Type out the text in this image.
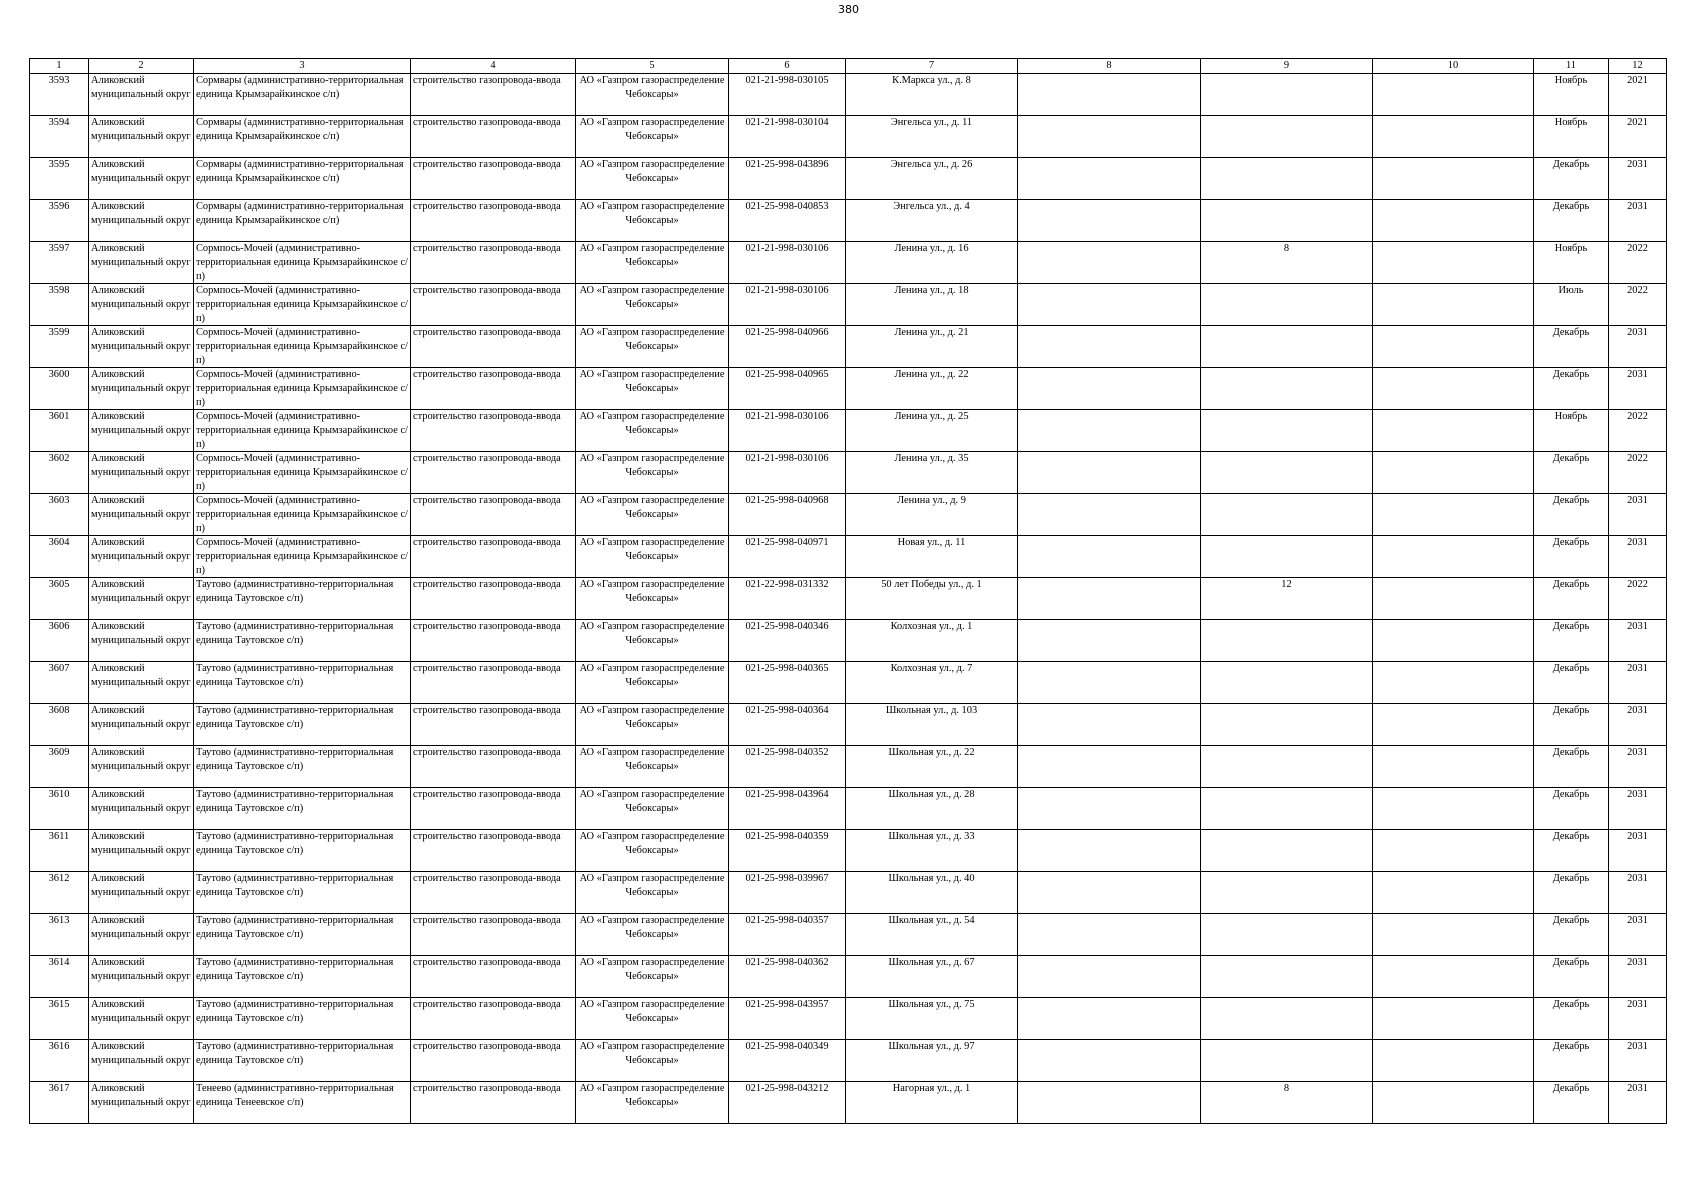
380
1	2	3	4	5	6	7	8	9	10	11	12

3593	Аликовский муниципальный округ	Сормвары (административно-территориальная единица Крымзарайкинское с/п)	строительство газопровода-ввода	АО «Газпром газораспределение Чебоксары»	021-21-998-030105	К.Маркса ул., д. 8				Ноябрь	2021

3594	Аликовский муниципальный округ	Сормвары (административно-территориальная единица Крымзарайкинское с/п)	строительство газопровода-ввода	АО «Газпром газораспределение Чебоксары»	021-21-998-030104	Энгельса ул., д. 11				Ноябрь	2021

3595	Аликовский муниципальный округ	Сормвары (административно-территориальная единица Крымзарайкинское с/п)	строительство газопровода-ввода	АО «Газпром газораспределение Чебоксары»	021-25-998-043896	Энгельса ул., д. 26				Декабрь	2031

3596	Аликовский муниципальный округ	Сормвары (административно-территориальная единица Крымзарайкинское с/п)	строительство газопровода-ввода	АО «Газпром газораспределение Чебоксары»	021-25-998-040853	Энгельса ул., д. 4				Декабрь	2031

3597	Аликовский муниципальный округ	Сормпось-Мочей (административно-территориальная единица Крымзарайкинское с/п)	строительство газопровода-ввода	АО «Газпром газораспределение Чебоксары»	021-21-998-030106	Ленина ул., д. 16		8		Ноябрь	2022

3598	Аликовский муниципальный округ	Сормпось-Мочей (административно-территориальная единица Крымзарайкинское с/п)	строительство газопровода-ввода	АО «Газпром газораспределение Чебоксары»	021-21-998-030106	Ленина ул., д. 18				Июль	2022

3599	Аликовский муниципальный округ	Сормпось-Мочей (административно-территориальная единица Крымзарайкинское с/п)	строительство газопровода-ввода	АО «Газпром газораспределение Чебоксары»	021-25-998-040966	Ленина ул., д. 21				Декабрь	2031

3600	Аликовский муниципальный округ	Сормпось-Мочей (административно-территориальная единица Крымзарайкинское с/п)	строительство газопровода-ввода	АО «Газпром газораспределение Чебоксары»	021-25-998-040965	Ленина ул., д. 22				Декабрь	2031

3601	Аликовский муниципальный округ	Сормпось-Мочей (административно-территориальная единица Крымзарайкинское с/п)	строительство газопровода-ввода	АО «Газпром газораспределение Чебоксары»	021-21-998-030106	Ленина ул., д. 25				Ноябрь	2022

3602	Аликовский муниципальный округ	Сормпось-Мочей (административно-территориальная единица Крымзарайкинское с/п)	строительство газопровода-ввода	АО «Газпром газораспределение Чебоксары»	021-21-998-030106	Ленина ул., д. 35				Декабрь	2022

3603	Аликовский муниципальный округ	Сормпось-Мочей (административно-территориальная единица Крымзарайкинское с/п)	строительство газопровода-ввода	АО «Газпром газораспределение Чебоксары»	021-25-998-040968	Ленина ул., д. 9				Декабрь	2031

3604	Аликовский муниципальный округ	Сормпось-Мочей (административно-территориальная единица Крымзарайкинское с/п)	строительство газопровода-ввода	АО «Газпром газораспределение Чебоксары»	021-25-998-040971	Новая ул., д. 11				Декабрь	2031

3605	Аликовский муниципальный округ	Таутово (административно-территориальная единица Таутовское с/п)	строительство газопровода-ввода	АО «Газпром газораспределение Чебоксары»	021-22-998-031332	50 лет Победы ул., д. 1		12		Декабрь	2022

3606	Аликовский муниципальный округ	Таутово (административно-территориальная единица Таутовское с/п)	строительство газопровода-ввода	АО «Газпром газораспределение Чебоксары»	021-25-998-040346	Колхозная ул., д. 1				Декабрь	2031

3607	Аликовский муниципальный округ	Таутово (административно-территориальная единица Таутовское с/п)	строительство газопровода-ввода	АО «Газпром газораспределение Чебоксары»	021-25-998-040365	Колхозная ул., д. 7				Декабрь	2031

3608	Аликовский муниципальный округ	Таутово (административно-территориальная единица Таутовское с/п)	строительство газопровода-ввода	АО «Газпром газораспределение Чебоксары»	021-25-998-040364	Школьная ул., д. 103				Декабрь	2031

3609	Аликовский муниципальный округ	Таутово (административно-территориальная единица Таутовское с/п)	строительство газопровода-ввода	АО «Газпром газораспределение Чебоксары»	021-25-998-040352	Школьная ул., д. 22				Декабрь	2031

3610	Аликовский муниципальный округ	Таутово (административно-территориальная единица Таутовское с/п)	строительство газопровода-ввода	АО «Газпром газораспределение Чебоксары»	021-25-998-043964	Школьная ул., д. 28				Декабрь	2031

3611	Аликовский муниципальный округ	Таутово (административно-территориальная единица Таутовское с/п)	строительство газопровода-ввода	АО «Газпром газораспределение Чебоксары»	021-25-998-040359	Школьная ул., д. 33				Декабрь	2031

3612	Аликовский муниципальный округ	Таутово (административно-территориальная единица Таутовское с/п)	строительство газопровода-ввода	АО «Газпром газораспределение Чебоксары»	021-25-998-039967	Школьная ул., д. 40				Декабрь	2031

3613	Аликовский муниципальный округ	Таутово (административно-территориальная единица Таутовское с/п)	строительство газопровода-ввода	АО «Газпром газораспределение Чебоксары»	021-25-998-040357	Школьная ул., д. 54				Декабрь	2031

3614	Аликовский муниципальный округ	Таутово (административно-территориальная единица Таутовское с/п)	строительство газопровода-ввода	АО «Газпром газораспределение Чебоксары»	021-25-998-040362	Школьная ул., д. 67				Декабрь	2031

3615	Аликовский муниципальный округ	Таутово (административно-территориальная единица Таутовское с/п)	строительство газопровода-ввода	АО «Газпром газораспределение Чебоксары»	021-25-998-043957	Школьная ул., д. 75				Декабрь	2031

3616	Аликовский муниципальный округ	Таутово (административно-территориальная единица Таутовское с/п)	строительство газопровода-ввода	АО «Газпром газораспределение Чебоксары»	021-25-998-040349	Школьная ул., д. 97				Декабрь	2031

3617	Аликовский муниципальный округ	Тенеево (административно-территориальная единица Тенеевское с/п)	строительство газопровода-ввода	АО «Газпром газораспределение Чебоксары»	021-25-998-043212	Нагорная ул., д. 1		8		Декабрь	2031
